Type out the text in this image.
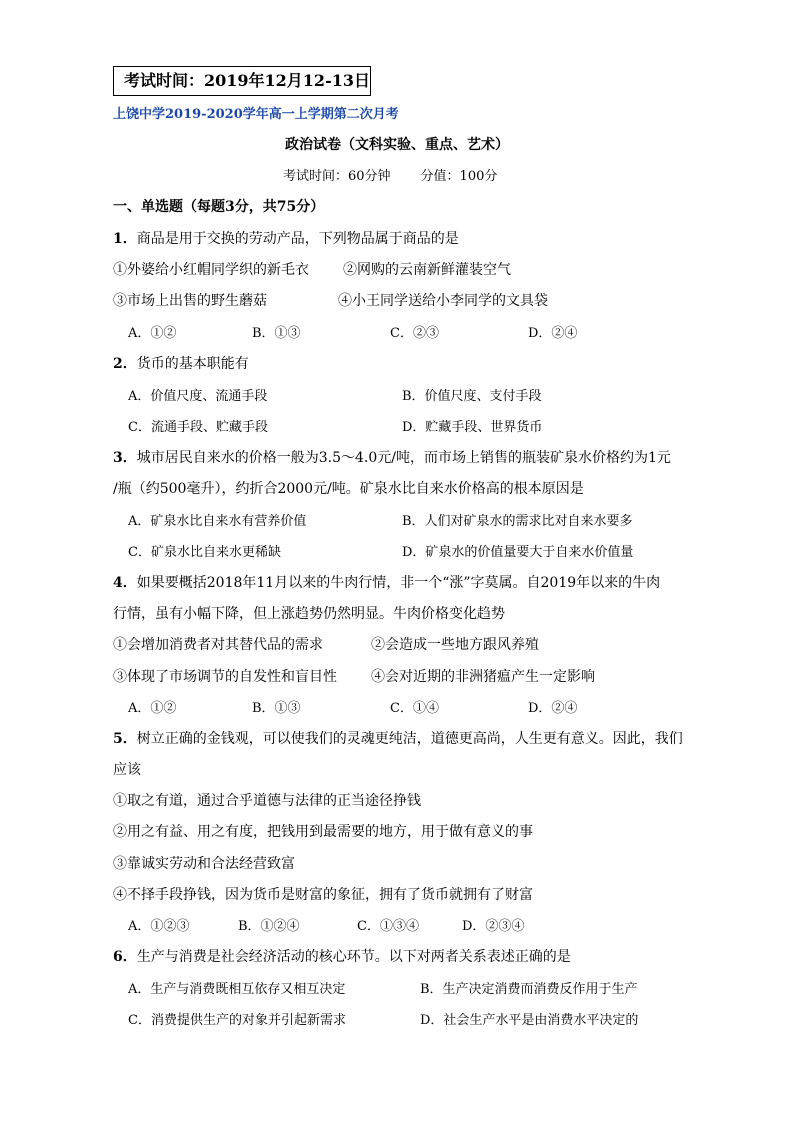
考试时间：2019年12月12-13日
上饶中学2019-2020学年高一上学期第二次月考
政治试卷（文科实验、重点、艺术）
考试时间：60分钟 分值：100分
一、单选题（每题3分，共75分）
1．商品是用于交换的劳动产品，下列物品属于商品的是
①外婆给小红帽同学织的新毛衣 ②网购的云南新鲜灌装空气
③市场上出售的野生蘑菇	④小王同学送给小李同学的文具袋
A．①②	B．①③	C．②③	D．②④
2．货币的基本职能有
A．价值尺度、流通手段	B．价值尺度、支付手段
C．流通手段、贮藏手段	D．贮藏手段、世界货币
3．城市居民自来水的价格一般为3.5～4.0元/吨，而市场上销售的瓶装矿泉水价格约为1元
/瓶（约500毫升），约折合2000元/吨。矿泉水比自来水价格高的根本原因是
A．矿泉水比自来水有营养价值	B．人们对矿泉水的需求比对自来水要多
C．矿泉水比自来水更稀缺	D．矿泉水的价值量要大于自来水价值量
4．如果要概括2018年11月以来的牛肉行情，非一个“涨”字莫属。自2019年以来的牛肉
行情，虽有小幅下降，但上涨趋势仍然明显。牛肉价格变化趋势
①会增加消费者对其替代品的需求	②会造成一些地方跟风养殖
③体现了市场调节的自发性和盲目性 ④会对近期的非洲猪瘟产生一定影响
A．①②	B．①③	C．①④	D．②④
5．树立正确的金钱观，可以使我们的灵魂更纯洁，道德更高尚，人生更有意义。因此，我们
应该
①取之有道，通过合乎道德与法律的正当途径挣钱
②用之有益、用之有度，把钱用到最需要的地方，用于做有意义的事
③靠诚实劳动和合法经营致富
④不择手段挣钱，因为货币是财富的象征，拥有了货币就拥有了财富
A．①②③	B．①②④	C．①③④	D．②③④
6．生产与消费是社会经济活动的核心环节。以下对两者关系表述正确的是
A．生产与消费既相互依存又相互决定	B．生产决定消费而消费反作用于生产
C．消费提供生产的对象并引起新需求	D．社会生产水平是由消费水平决定的
